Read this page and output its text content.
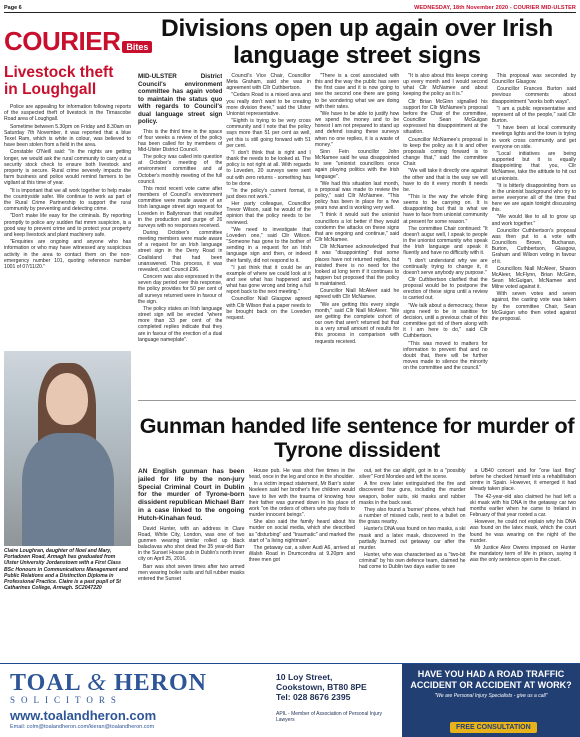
Page 6	WEDNESDAY, 18th November 2020 - COURIER MID-ULSTER
COURIER Bites
Livestock theft in Loughgall

Police are appealing for information following reports of the suspected theft of livestock in the Tirnascobe Road area of Loughgall.

Sometime between 5.30pm on Friday and 8.30am on Saturday 7th November, it was reported that a blue Texel Ram, which is white in colour, was believed to have been stolen from a field in the area.

Constable O'Neill said: "In the nights are getting longer, we would ask the rural community to carry out a security stock check to ensure both livestock and property is secure. Rural crime severely impacts the farm business and police would remind farmers to be vigilant at this time of year.

"It is important that we all work together to help make the countryside safer. We continue to work as part of the Rural Crime Partnership to support the rural community by preventing and detecting crime.

"Don't make life easy for the criminals. By reporting promptly to police any sudden flat mmm suspicion, is a good way to prevent crime and to protect your property and keep livestock and plant machinery safe.

"Enquiries are ongoing and anyone who has information or who may have witnessed any suspicious activity in the area to contact them on the non-emergency number 101, quoting reference number 1001 of 07/11/20."

Claire Loughran, daughter of Noel and Mary, Portadown Road, Armagh has graduated from Ulster University Jordanstown with a First Class BSc Honours in Communications Management and Public Relations and a Distinction Diploma in Professional Practice. Claire is a past pupil of St Catharines College, Armagh. SC2047220
Divisions open up again over Irish language street signs

MID-ULSTER District Council's environment committee has again voted to maintain the status quo with regards to Council's dual language street sign policy.

This is the third time in the space of four weeks a review of the policy has been called for by members of Mid-Ulster District Council.

The policy was called into question at October's meeting of the environment committee and at October's monthly meeting of the full council.

This most recent vote came after members of Council's environment committee were made aware of an Irish language street sign request for Loveden in Ballyronan that resulted in the production and purge of 20 surveys with no responses received.

During October's committee meeting members were made aware of a request for an Irish language street sign in the Derry Road in Coalisland that had been unanswered. This process, it was revealed, cost Council £96.

Concern was also expressed in the seven day period over this response, the policy provides for 50 per cent of all surveys returned were in favour of the sign.

The policy states an Irish language street sign will be erected "where more than 33 per cent of the completed replies indicate that they are in favour of the erection of a dual language nameplate".

Council's Vice Chair, Councillor Meta Graham, said she was in agreement with Cllr Cuthbertson.

"Cedars Road is a mixed area and you really don't want to be creating more division there," said the Ulster Unionist representative.

"Eighth is trying to be very cross community and I note that the policy says more than 51 per cent as well, yet this is still going forward with 51 per cent.

"I don't think that is right and I thank the needs to be looked at. The policy is not right at all. With regards to Loveden, 20 surveys were sent out with zero returns - something has to be done.

"In the policy's current format, it just does not work."

Her party colleague, Councillor Trevor Wilson, said he would of the opinion that the policy needs to be reviewed.

"We need to investigate that Loveden one," said Cllr Wilson. "Someone has gone to the bother of sending in a request for an Irish language sign and then, or indeed their family, did not respond to it.

"I just think that it could be an example of where we could look at it and see what has happened and what has gone wrong and bring a full report back to the next meeting."

Councillor Niall Glasgow agreed with Cllr Wilson that a paper needs to be brought back on the Loveden request.

"There is a cost associated with this and the way the public has seen the first case and it is now going to see the second one there are going to be wondering what we are doing with their rates.

"We have to be able to justify how we spend the money and to be honest I am not prepared to stand up and defend issuing these surveys when no one replies, it is a waste of money."

Sinn Fein councillor John McNamee said he was disappointed to see "unionist councillors once again playing politics with the Irish language".

"We had this situation last month, a proposal was made to review the policy," said Cllr McNamee. "This policy has been in place for a few years now and is working very well.

"I think it would suit the unionist councillors a lot better if they would condemn the attacks on these signs that are ongoing and continue," said Cllr McNamee.

Cllr McNamee acknowledged that it was "disappointing" that some places have not returned replies, but insisted there is no need for the looked at long term if it continues to happen but proposed that the policy is maintained.

Councillor Niall McAleer said he agreed with Cllr McNamee.

"We are getting this every single month," said Cllr Niall McAleer. "We are getting the complete cohort of our own that aren't returned but that is a very small amount of results for this process in comparison with requests received.

"It is also about this keeps coming up every month and I would second what Cllr McNamee and about keeping the policy as it is."

Cllr Brian McGinn signalled his support for Cllr McNamee's proposal before the Chair of the committee, Councillor Sean McGuigan expressed his disappointment at the situation.

Councillor McNamee's proposal is to keep the policy as it is and other proposals coming forward is to change that," said the committee Chair.

"We will take it directly one against the other and that is the way we will have to do it every month it needs be.

"This is the way the whole thing seems to be carrying on. It is disappointing but that is what we have to face from unionist community at present for some reason."

The committee Chair continued: "It doesn't augur well, I speak to people in the unionist community who speak the Irish language and speak it fluently and have no difficulty with it.

"I don't understand why we are continually trying to change it, it doesn't serve anybody any purpose."

Cllr Cuthbertson clarified that the proposal would be to postpone the erection of these signs until a review is carried out.

"We talk about a democracy, these signs need to be in sanitise for decision, until a previous chair of this committee got rid of them along with it I am here to do," said Cllr Cuthbertson.

"This was moved to matters for information to prevent that and no doubt that, there will be further moves made to silence the minority on the committee and the council."

This proposal was seconded by Councillor Glasgow.

Councillor Frances Burton said previous comments about disappointment "works both ways".

"I am a public representative and represent all of the people," said Cllr Burton.

"I have been at local community meetings lights and the town is trying to work cross community and get everyone on side.

"Local initiatives are being supported but it is equally disappointing that you, Cllr McNamee, take the attitude to hit out at unionists.

"It is bitterly disappointing from us in the unionist background who try to serve everyone all of the time that here we are again tonight discussing this.

"We would like to all to grow up and work together."

Councillor Cuthbertson's proposal was then put to a vote with Councillors Brown, Buchanan, Burton, Cuthbertson, Glasgow, Graham and Wilson voting in favour of it.

Councillors Niall McAleer, Sharon McAleer, McFlynn, Brian McGinn, Sean McGuigan, McNamee and Milne voted against it.

With seven votes and seven against, the casting vote was taken by the committee Chair, Sean McGuigan who then voted against the proposal.

Gunman handed life sentence for murder of Tyrone dissident

AN English gunman has been jailed for life by the non-jury Special Criminal Court in Dublin for the murder of Tyrone-born dissident republican Michael Barr in a case linked to the ongoing Hutch-Kinahan feud.

David Hunter, with an address in Clare Road, White City, London, was one of two gunmen wearing similar rolled up black balaclavas who shot dead the 35 year-old Barr in the Sunset House pub in Dublin's north inner city on April 25, 2016.

Barr was shot seven times after two armed men wearing boiler suits and full rubber masks entered the Sunset

House pub. He was shot five times in the head, once in the leg and once in the shoulder.

In a victim impact statement, Mr Barr's sister Noeleen said her brother's five children would have to live with the trauma of knowing how their father was gunned down in his place of work "on the orders of others who pay fools to murder innocent beings".

She also said the family heard about his murder on social media, which she described as "disturbing" and "traumatic" and marked the start of "a living nightmare".

The getaway car, a silver Audi A6, arrived at Walsh Road in Drumcondra at 9.20pm and three men got

out, set the car alight, got in to a "possibly silver" Ford Mondeo and left the scene.

A fire crew later extinguished the fire and discovered four guns, including the murder weapon, boiler suits, ski masks and rubber masks in the back seat.

They also found a 'burner' phone, which had a number of missed calls, next to a bullet on the grass nearby.

Hunter's DNA was found on two masks, a ski mask and a latex mask, discovered in the partially burned out getaway car after the murder.

Hunter, who was characterised as a "two-bit criminal" by his own defence team, claimed he had come to Dublin two days earlier to see

a UB40 concert and for "one last fling" before he checked himself into a rehabilitation centre in Spain. However, it emerged it had already taken place.

The 42-year-old also claimed he had left a ski mask with his DNA in the getaway car two months earlier when he came to Ireland in February of that year rooted a car.

However, he could not explain why his DNA was found on the latex mask, which the court found he was wearing on the night of the murder.

Mr Justice Alex Owens imposed on Hunter the mandatory term of life in prison, saying it was the only sentence open to the court.

TOAL & HERON
SOLICITORS
www.toalandheron.com
Email: colm@toalandheron.com/kieran@toalandheron.com
10 Loy Street,
Cookstown, BT80 8PE
Tel: 028 8676 2395
APIL - Member of Association of Personal Injury Lawyers
HAVE YOU HAD A ROAD TRAFFIC ACCIDENT OR ACCIDENT AT WORK?
"We are Personal Injury Specialists - give us a call"
FREE CONSULTATION
